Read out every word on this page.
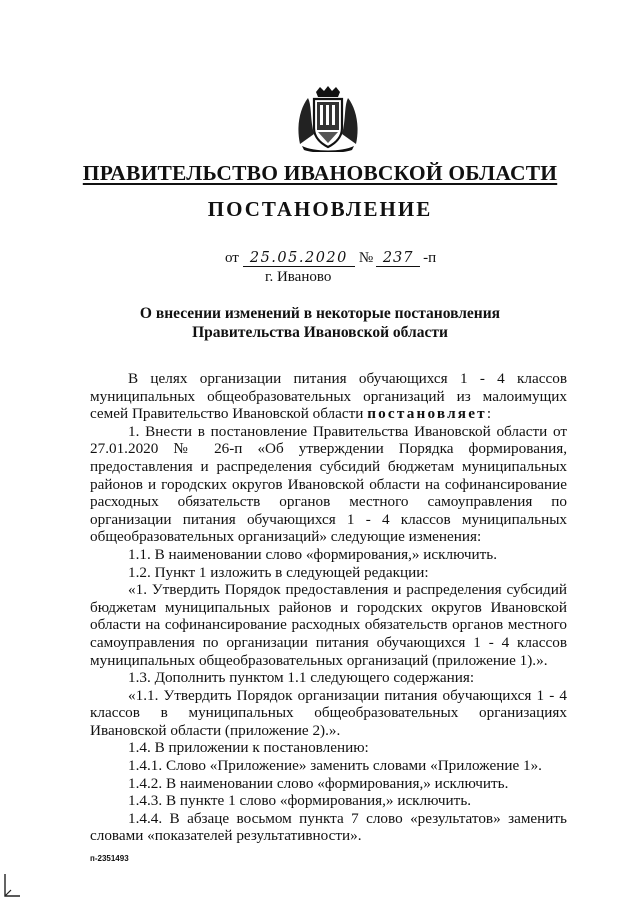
ПРАВИТЕЛЬСТВО ИВАНОВСКОЙ ОБЛАСТИ
ПОСТАНОВЛЕНИЕ
от 25.05.2020 № 237 -п
г. Иваново
О внесении изменений в некоторые постановления
Правительства Ивановской области

В целях организации питания обучающихся 1 - 4 классов муниципальных общеобразовательных организаций из малоимущих семей Правительство Ивановской области постановляет:

1. Внести в постановление Правительства Ивановской области от 27.01.2020 № 26-п «Об утверждении Порядка формирования, предоставления и распределения субсидий бюджетам муниципальных районов и городских округов Ивановской области на софинансирование расходных обязательств органов местного самоуправления по организации питания обучающихся 1 - 4 классов муниципальных общеобразовательных организаций» следующие изменения:

1.1. В наименовании слово «формирования,» исключить.

1.2. Пункт 1 изложить в следующей редакции:

«1. Утвердить Порядок предоставления и распределения субсидий бюджетам муниципальных районов и городских округов Ивановской области на софинансирование расходных обязательств органов местного самоуправления по организации питания обучающихся 1 - 4 классов муниципальных общеобразовательных организаций (приложение 1).».

1.3. Дополнить пунктом 1.1 следующего содержания:

«1.1. Утвердить Порядок организации питания обучающихся 1 - 4 классов в муниципальных общеобразовательных организациях Ивановской области (приложение 2).».

1.4. В приложении к постановлению:

1.4.1. Слово «Приложение» заменить словами «Приложение 1».

1.4.2. В наименовании слово «формирования,» исключить.

1.4.3. В пункте 1 слово «формирования,» исключить.

1.4.4. В абзаце восьмом пункта 7 слово «результатов» заменить словами «показателей результативности».

п-2351493
